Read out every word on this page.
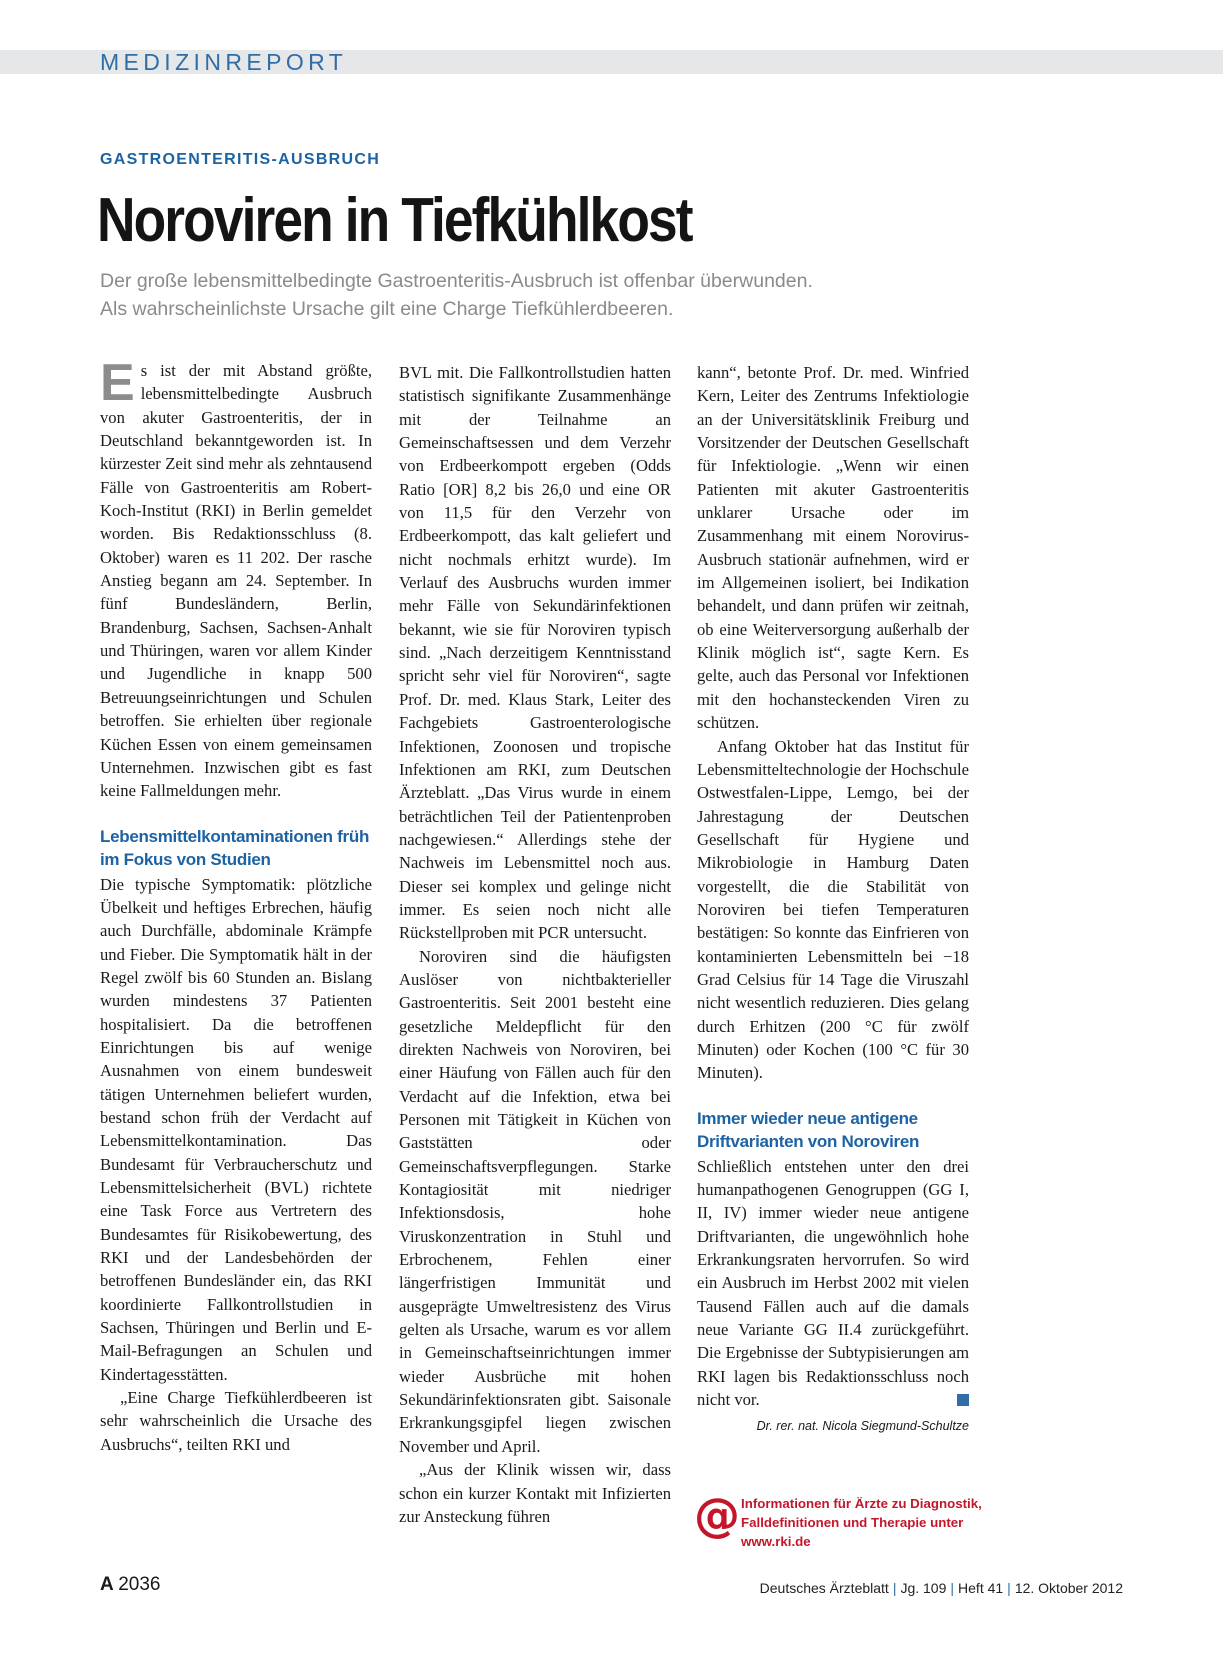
MEDIZINREPORT
GASTROENTERITIS-AUSBRUCH
Noroviren in Tiefkühlkost
Der große lebensmittelbedingte Gastroenteritis-Ausbruch ist offenbar überwunden.
Als wahrscheinlichste Ursache gilt eine Charge Tiefkühlerdbeeren.

Es ist der mit Abstand größte, lebensmittelbedingte Ausbruch von akuter Gastroenteritis, der in Deutschland bekanntgeworden ist. In kürzester Zeit sind mehr als zehntausend Fälle von Gastroenteritis am Robert-Koch-Institut (RKI) in Berlin gemeldet worden. Bis Redaktionsschluss (8. Oktober) waren es 11 202. Der rasche Anstieg begann am 24. September. In fünf Bundesländern, Berlin, Brandenburg, Sachsen, Sachsen-Anhalt und Thüringen, waren vor allem Kinder und Jugendliche in knapp 500 Betreuungseinrichtungen und Schulen betroffen. Sie erhielten über regionale Küchen Essen von einem gemeinsamen Unternehmen. Inzwischen gibt es fast keine Fallmeldungen mehr.

Lebensmittelkontaminationen früh im Fokus von Studien

Die typische Symptomatik: plötzliche Übelkeit und heftiges Erbrechen, häufig auch Durchfälle, abdominale Krämpfe und Fieber. Die Symptomatik hält in der Regel zwölf bis 60 Stunden an. Bislang wurden mindestens 37 Patienten hospitalisiert. Da die betroffenen Einrichtungen bis auf wenige Ausnahmen von einem bundesweit tätigen Unternehmen beliefert wurden, bestand schon früh der Verdacht auf Lebensmittelkontamination. Das Bundesamt für Verbraucherschutz und Lebensmittelsicherheit (BVL) richtete eine Task Force aus Vertretern des Bundesamtes für Risikobewertung, des RKI und der Landesbehörden der betroffenen Bundesländer ein, das RKI koordinierte Fallkontrollstudien in Sachsen, Thüringen und Berlin und E-Mail-Befragungen an Schulen und Kindertagesstätten.

„Eine Charge Tiefkühlerdbeeren ist sehr wahrscheinlich die Ursache des Ausbruchs“, teilten RKI und

BVL mit. Die Fallkontrollstudien hatten statistisch signifikante Zusammenhänge mit der Teilnahme an Gemeinschaftsessen und dem Verzehr von Erdbeerkompott ergeben (Odds Ratio [OR] 8,2 bis 26,0 und eine OR von 11,5 für den Verzehr von Erdbeerkompott, das kalt geliefert und nicht nochmals erhitzt wurde). Im Verlauf des Ausbruchs wurden immer mehr Fälle von Sekundärinfektionen bekannt, wie sie für Noroviren typisch sind. „Nach derzeitigem Kenntnisstand spricht sehr viel für Noroviren“, sagte Prof. Dr. med. Klaus Stark, Leiter des Fachgebiets Gastroenterologische Infektionen, Zoonosen und tropische Infektionen am RKI, zum Deutschen Ärzteblatt. „Das Virus wurde in einem beträchtlichen Teil der Patientenproben nachgewiesen.“ Allerdings stehe der Nachweis im Lebensmittel noch aus. Dieser sei komplex und gelinge nicht immer. Es seien noch nicht alle Rückstellproben mit PCR untersucht.

Noroviren sind die häufigsten Auslöser von nichtbakterieller Gastroenteritis. Seit 2001 besteht eine gesetzliche Meldepflicht für den direkten Nachweis von Noroviren, bei einer Häufung von Fällen auch für den Verdacht auf die Infektion, etwa bei Personen mit Tätigkeit in Küchen von Gaststätten oder Gemeinschaftsverpflegungen. Starke Kontagiosität mit niedriger Infektionsdosis, hohe Viruskonzentration in Stuhl und Erbrochenem, Fehlen einer längerfristigen Immunität und ausgeprägte Umweltresistenz des Virus gelten als Ursache, warum es vor allem in Gemeinschaftseinrichtungen immer wieder Ausbrüche mit hohen Sekundärinfektionsraten gibt. Saisonale Erkrankungsgipfel liegen zwischen November und April.

„Aus der Klinik wissen wir, dass schon ein kurzer Kontakt mit Infizierten zur Ansteckung führen

kann“, betonte Prof. Dr. med. Winfried Kern, Leiter des Zentrums Infektiologie an der Universitätsklinik Freiburg und Vorsitzender der Deutschen Gesellschaft für Infektiologie. „Wenn wir einen Patienten mit akuter Gastroenteritis unklarer Ursache oder im Zusammenhang mit einem Norovirus-Ausbruch stationär aufnehmen, wird er im Allgemeinen isoliert, bei Indikation behandelt, und dann prüfen wir zeitnah, ob eine Weiterversorgung außerhalb der Klinik möglich ist“, sagte Kern. Es gelte, auch das Personal vor Infektionen mit den hochansteckenden Viren zu schützen.

Anfang Oktober hat das Institut für Lebensmitteltechnologie der Hochschule Ostwestfalen-Lippe, Lemgo, bei der Jahrestagung der Deutschen Gesellschaft für Hygiene und Mikrobiologie in Hamburg Daten vorgestellt, die die Stabilität von Noroviren bei tiefen Temperaturen bestätigen: So konnte das Einfrieren von kontaminierten Lebensmitteln bei −18 Grad Celsius für 14 Tage die Viruszahl nicht wesentlich reduzieren. Dies gelang durch Erhitzen (200 °C für zwölf Minuten) oder Kochen (100 °C für 30 Minuten).

Immer wieder neue antigene Driftvarianten von Noroviren

Schließlich entstehen unter den drei humanpathogenen Genogruppen (GG I, II, IV) immer wieder neue antigene Driftvarianten, die ungewöhnlich hohe Erkrankungsraten hervorrufen. So wird ein Ausbruch im Herbst 2002 mit vielen Tausend Fällen auch auf die damals neue Variante GG II.4 zurückgeführt. Die Ergebnisse der Subtypisierungen am RKI lagen bis Redaktionsschluss noch nicht vor.

Dr. rer. nat. Nicola Siegmund-Schultze

@ Informationen für Ärzte zu Diagnostik,
Falldefinitionen und Therapie unter
www.rki.de
A 2036	Deutsches Ärzteblatt | Jg. 109 | Heft 41 | 12. Oktober 2012
